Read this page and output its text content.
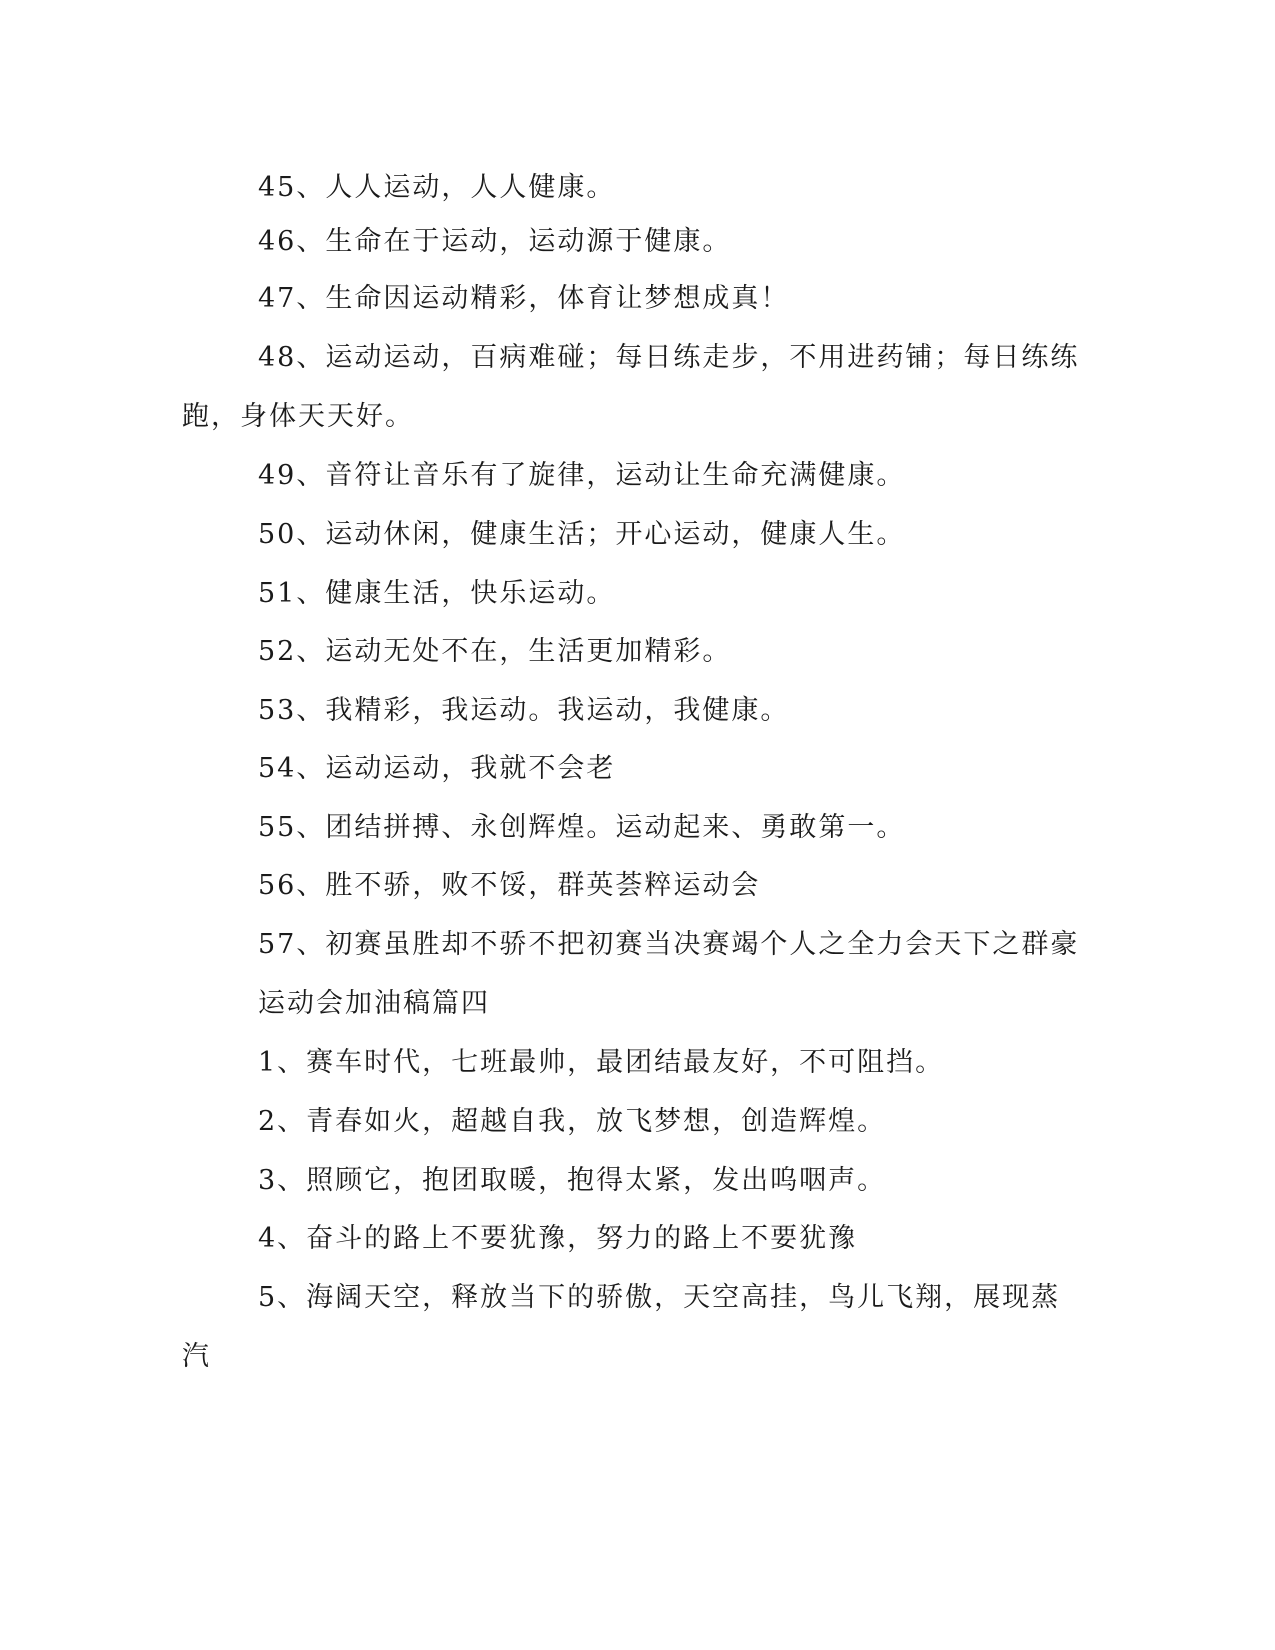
45、人人运动，人人健康。
46、生命在于运动，运动源于健康。
47、生命因运动精彩，体育让梦想成真！
48、运动运动，百病难碰；每日练走步，不用进药铺；每日练练
跑，身体天天好。
49、音符让音乐有了旋律，运动让生命充满健康。
50、运动休闲，健康生活；开心运动，健康人生。
51、健康生活，快乐运动。
52、运动无处不在，生活更加精彩。
53、我精彩，我运动。我运动，我健康。
54、运动运动，我就不会老
55、团结拼搏、永创辉煌。运动起来、勇敢第一。
56、胜不骄，败不馁，群英荟粹运动会
57、初赛虽胜却不骄不把初赛当决赛竭个人之全力会天下之群豪
运动会加油稿篇四
1、赛车时代，七班最帅，最团结最友好，不可阻挡。
2、青春如火，超越自我，放飞梦想，创造辉煌。
3、照顾它，抱团取暖，抱得太紧，发出呜咽声。
4、奋斗的路上不要犹豫，努力的路上不要犹豫
5、海阔天空，释放当下的骄傲，天空高挂，鸟儿飞翔，展现蒸
汽
